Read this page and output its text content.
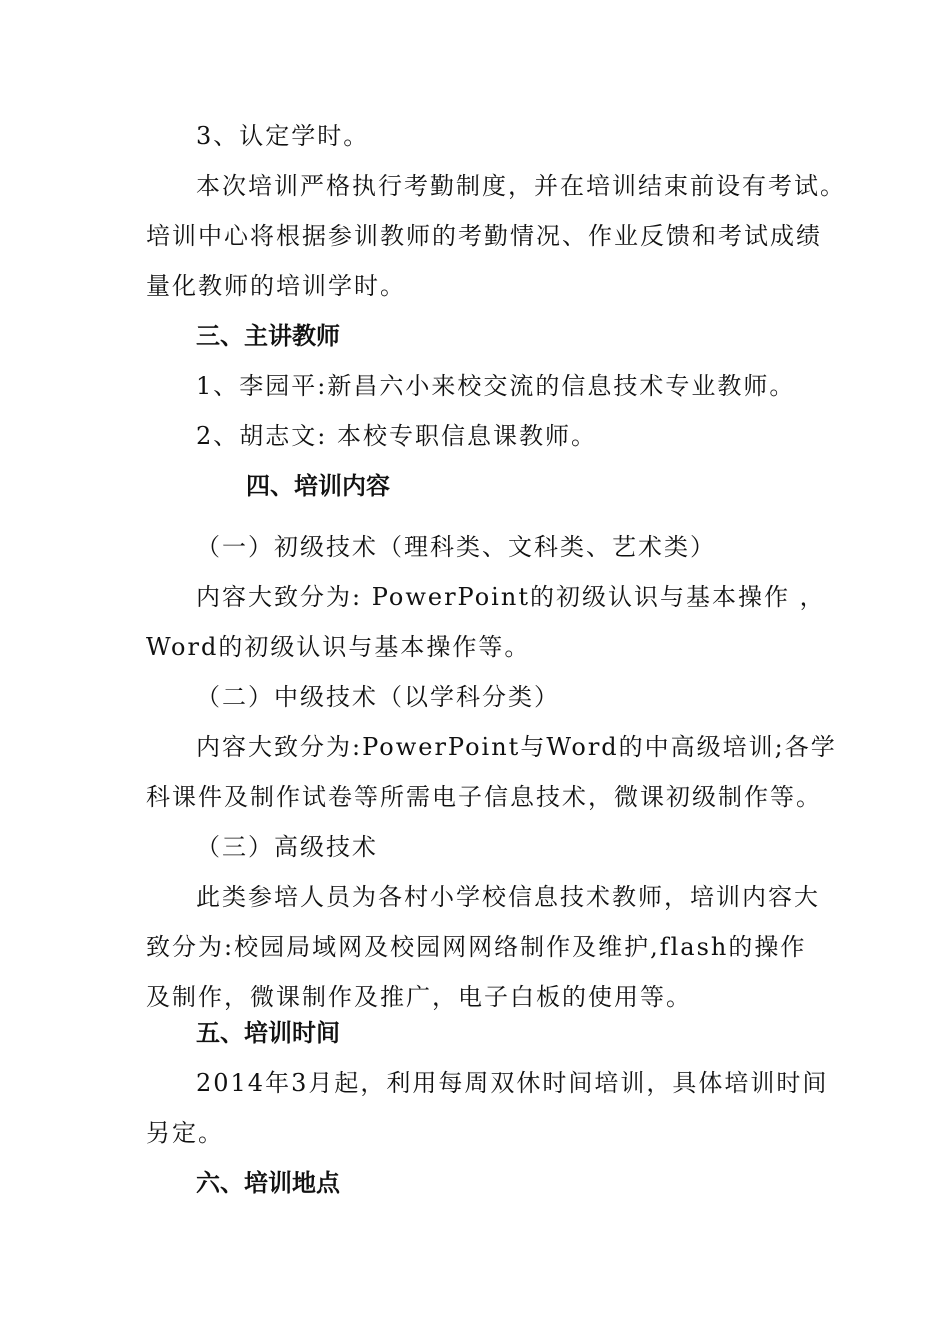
3、认定学时。
本次培训严格执行考勤制度，并在培训结束前设有考试。
培训中心将根据参训教师的考勤情况、作业反馈和考试成绩
量化教师的培训学时。
三、主讲教师
1、李园平:新昌六小来校交流的信息技术专业教师。
2、胡志文: 本校专职信息课教师。
四、培训内容
（一）初级技术（理科类、文科类、艺术类）
内容大致分为: PowerPoint的初级认识与基本操作 ，
Word的初级认识与基本操作等。
（二）中级技术（以学科分类）
内容大致分为:PowerPoint与Word的中高级培训;各学
科课件及制作试卷等所需电子信息技术，微课初级制作等。
（三）高级技术
此类参培人员为各村小学校信息技术教师，培训内容大
致分为:校园局域网及校园网网络制作及维护,flash的操作
及制作，微课制作及推广，电子白板的使用等。
五、培训时间
2014年3月起，利用每周双休时间培训，具体培训时间
另定。
六、培训地点
